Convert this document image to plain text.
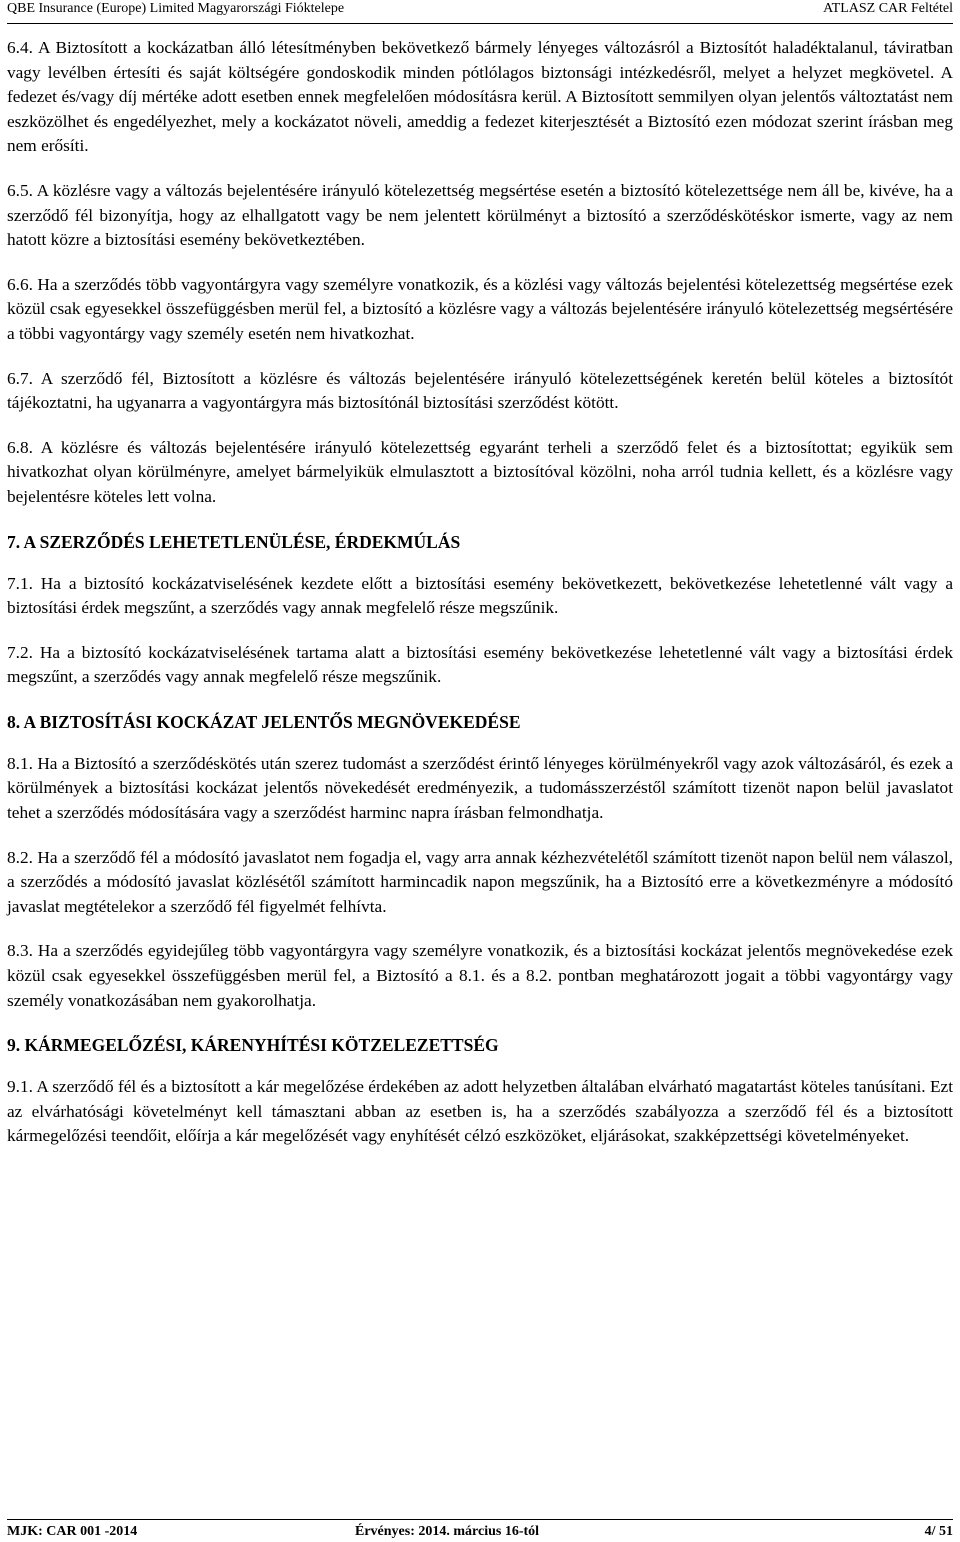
QBE Insurance (Europe) Limited Magyarországi Fióktelepe	ATLASZ CAR Feltétel

6.4. A Biztosított a kockázatban álló létesítményben bekövetkező bármely lényeges változásról a Biztosítót haladéktalanul, táviratban vagy levélben értesíti és saját költségére gondoskodik minden pótlólagos biztonsági intézkedésről, melyet a helyzet megkövetel. A fedezet és/vagy díj mértéke adott esetben ennek megfelelően módosításra kerül. A Biztosított semmilyen olyan jelentős változtatást nem eszközölhet és engedélyezhet, mely a kockázatot növeli, ameddig a fedezet kiterjesztését a Biztosító ezen módozat szerint írásban meg nem erősíti.

6.5. A közlésre vagy a változás bejelentésére irányuló kötelezettség megsértése esetén a biztosító kötelezettsége nem áll be, kivéve, ha a szerződő fél bizonyítja, hogy az elhallgatott vagy be nem jelentett körülményt a biztosító a szerződéskötéskor ismerte, vagy az nem hatott közre a biztosítási esemény bekövetkeztében.

6.6. Ha a szerződés több vagyontárgyra vagy személyre vonatkozik, és a közlési vagy változás bejelentési kötelezettség megsértése ezek közül csak egyesekkel összefüggésben merül fel, a biztosító a közlésre vagy a változás bejelentésére irányuló kötelezettség megsértésére a többi vagyontárgy vagy személy esetén nem hivatkozhat.

6.7. A szerződő fél, Biztosított a közlésre és változás bejelentésére irányuló kötelezettségének keretén belül köteles a biztosítót tájékoztatni, ha ugyanarra a vagyontárgyra más biztosítónál biztosítási szerződést kötött.

6.8. A közlésre és változás bejelentésére irányuló kötelezettség egyaránt terheli a szerződő felet és a biztosítottat; egyikük sem hivatkozhat olyan körülményre, amelyet bármelyikük elmulasztott a biztosítóval közölni, noha arról tudnia kellett, és a közlésre vagy bejelentésre köteles lett volna.

7. A SZERZŐDÉS LEHETETLENÜLÉSE, ÉRDEKMÚLÁS

7.1. Ha a biztosító kockázatviselésének kezdete előtt a biztosítási esemény bekövetkezett, bekövetkezése lehetetlenné vált vagy a biztosítási érdek megszűnt, a szerződés vagy annak megfelelő része megszűnik.

7.2. Ha a biztosító kockázatviselésének tartama alatt a biztosítási esemény bekövetkezése lehetetlenné vált vagy a biztosítási érdek megszűnt, a szerződés vagy annak megfelelő része megszűnik.

8. A BIZTOSÍTÁSI KOCKÁZAT JELENTŐS MEGNÖVEKEDÉSE

8.1. Ha a Biztosító a szerződéskötés után szerez tudomást a szerződést érintő lényeges körülményekről vagy azok változásáról, és ezek a körülmények a biztosítási kockázat jelentős növekedését eredményezik, a tudomásszerzéstől számított tizenöt napon belül javaslatot tehet a szerződés módosítására vagy a szerződést harminc napra írásban felmondhatja.

8.2. Ha a szerződő fél a módosító javaslatot nem fogadja el, vagy arra annak kézhezvételétől számított tizenöt napon belül nem válaszol, a szerződés a módosító javaslat közlésétől számított harmincadik napon megszűnik, ha a Biztosító erre a következményre a módosító javaslat megtételekor a szerződő fél figyelmét felhívta.

8.3. Ha a szerződés egyidejűleg több vagyontárgyra vagy személyre vonatkozik, és a biztosítási kockázat jelentős megnövekedése ezek közül csak egyesekkel összefüggésben merül fel, a Biztosító a 8.1. és a 8.2. pontban meghatározott jogait a többi vagyontárgy vagy személy vonatkozásában nem gyakorolhatja.

9. KÁRMEGELŐZÉSI, KÁRENYHÍTÉSI KÖTZELEZETTSÉG

9.1. A szerződő fél és a biztosított a kár megelőzése érdekében az adott helyzetben általában elvárható magatartást köteles tanúsítani. Ezt az elvárhatósági követelményt kell támasztani abban az esetben is, ha a szerződés szabályozza a szerződő fél és a biztosított kármegelőzési teendőit, előírja a kár megelőzését vagy enyhítését célzó eszközöket, eljárásokat, szakképzettségi követelményeket.

MJK: CAR 001 -2014	Érvényes: 2014. március 16-tól	4/ 51
